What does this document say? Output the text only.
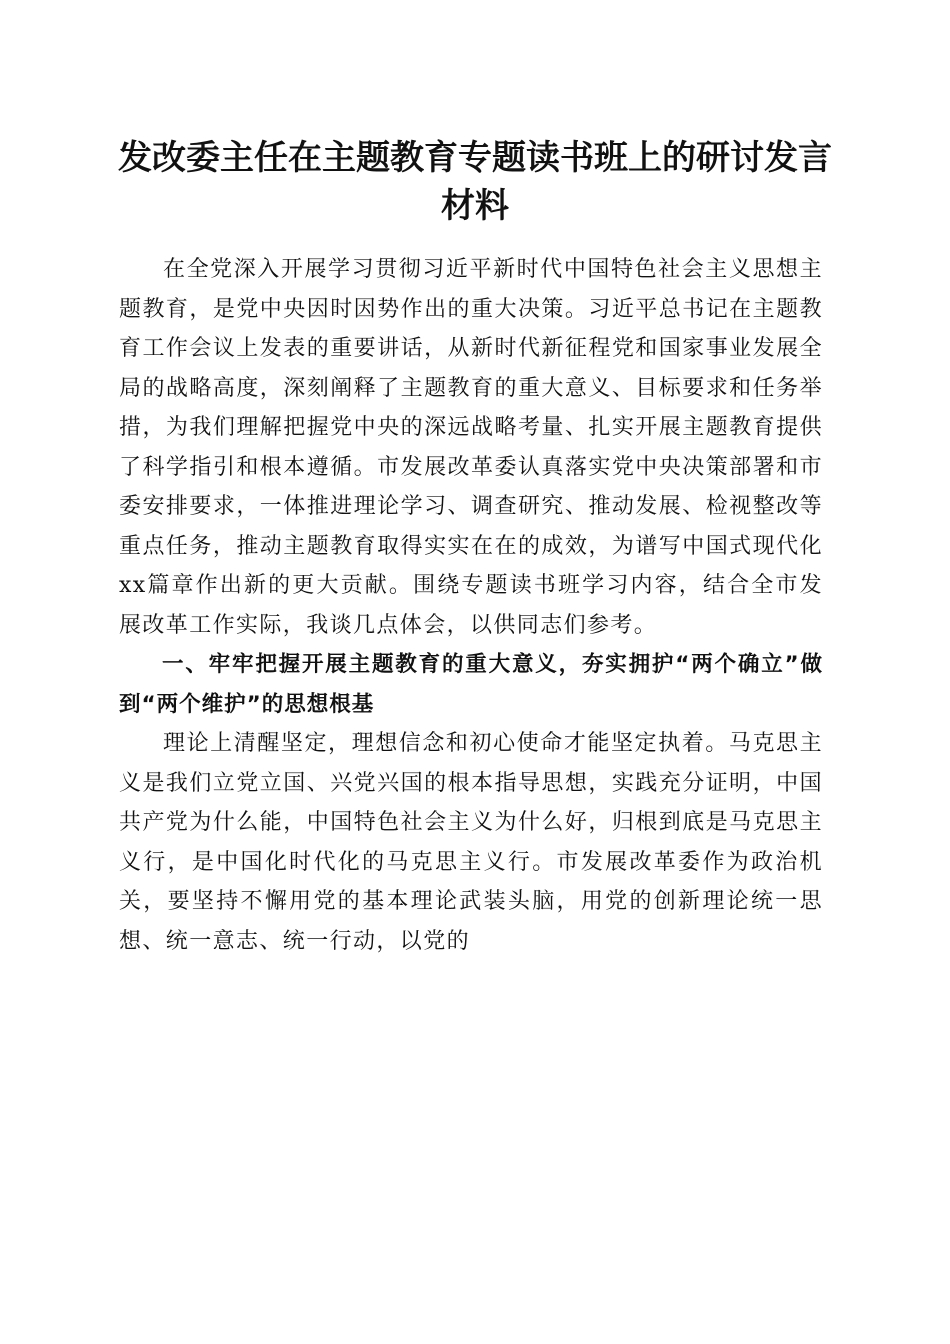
发改委主任在主题教育专题读书班上的研讨发言材料

在全党深入开展学习贯彻习近平新时代中国特色社会主义思想主题教育，是党中央因时因势作出的重大决策。习近平总书记在主题教育工作会议上发表的重要讲话，从新时代新征程党和国家事业发展全局的战略高度，深刻阐释了主题教育的重大意义、目标要求和任务举措，为我们理解把握党中央的深远战略考量、扎实开展主题教育提供了科学指引和根本遵循。市发展改革委认真落实党中央决策部署和市委安排要求，一体推进理论学习、调查研究、推动发展、检视整改等重点任务，推动主题教育取得实实在在的成效，为谱写中国式现代化xx篇章作出新的更大贡献。围绕专题读书班学习内容，结合全市发展改革工作实际，我谈几点体会，以供同志们参考。

一、牢牢把握开展主题教育的重大意义，夯实拥护“两个确立”做到“两个维护”的思想根基

理论上清醒坚定，理想信念和初心使命才能坚定执着。马克思主义是我们立党立国、兴党兴国的根本指导思想，实践充分证明，中国共产党为什么能，中国特色社会主义为什么好，归根到底是马克思主义行，是中国化时代化的马克思主义行。市发展改革委作为政治机关，要坚持不懈用党的基本理论武装头脑，用党的创新理论统一思想、统一意志、统一行动，以党的
